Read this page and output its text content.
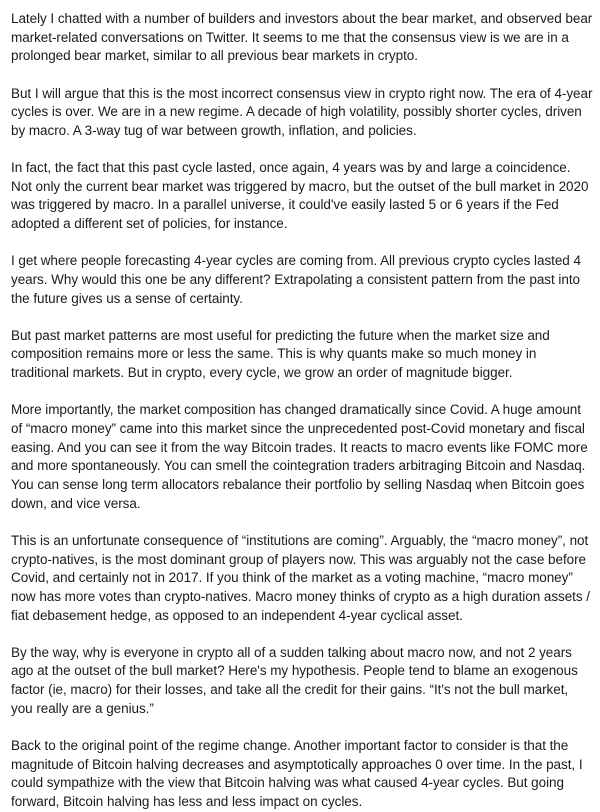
Lately I chatted with a number of builders and investors about the bear market, and observed bear market-related conversations on Twitter. It seems to me that the consensus view is we are in a prolonged bear market, similar to all previous bear markets in crypto.

But I will argue that this is the most incorrect consensus view in crypto right now. The era of 4-year cycles is over. We are in a new regime. A decade of high volatility, possibly shorter cycles, driven by macro. A 3-way tug of war between growth, inflation, and policies.

In fact, the fact that this past cycle lasted, once again, 4 years was by and large a coincidence. Not only the current bear market was triggered by macro, but the outset of the bull market in 2020 was triggered by macro. In a parallel universe, it could've easily lasted 5 or 6 years if the Fed adopted a different set of policies, for instance.

I get where people forecasting 4-year cycles are coming from. All previous crypto cycles lasted 4 years. Why would this one be any different? Extrapolating a consistent pattern from the past into the future gives us a sense of certainty.

But past market patterns are most useful for predicting the future when the market size and composition remains more or less the same. This is why quants make so much money in traditional markets. But in crypto, every cycle, we grow an order of magnitude bigger.

More importantly, the market composition has changed dramatically since Covid. A huge amount of “macro money” came into this market since the unprecedented post-Covid monetary and fiscal easing. And you can see it from the way Bitcoin trades. It reacts to macro events like FOMC more and more spontaneously. You can smell the cointegration traders arbitraging Bitcoin and Nasdaq. You can sense long term allocators rebalance their portfolio by selling Nasdaq when Bitcoin goes down, and vice versa.

This is an unfortunate consequence of “institutions are coming”. Arguably, the “macro money”, not crypto-natives, is the most dominant group of players now. This was arguably not the case before Covid, and certainly not in 2017. If you think of the market as a voting machine, “macro money” now has more votes than crypto-natives. Macro money thinks of crypto as a high duration assets / fiat debasement hedge, as opposed to an independent 4-year cyclical asset.

By the way, why is everyone in crypto all of a sudden talking about macro now, and not 2 years ago at the outset of the bull market? Here's my hypothesis. People tend to blame an exogenous factor (ie, macro) for their losses, and take all the credit for their gains. “It's not the bull market, you really are a genius.”

Back to the original point of the regime change. Another important factor to consider is that the magnitude of Bitcoin halving decreases and asymptotically approaches 0 over time. In the past, I could sympathize with the view that Bitcoin halving was what caused 4-year cycles. But going forward, Bitcoin halving has less and less impact on cycles.
